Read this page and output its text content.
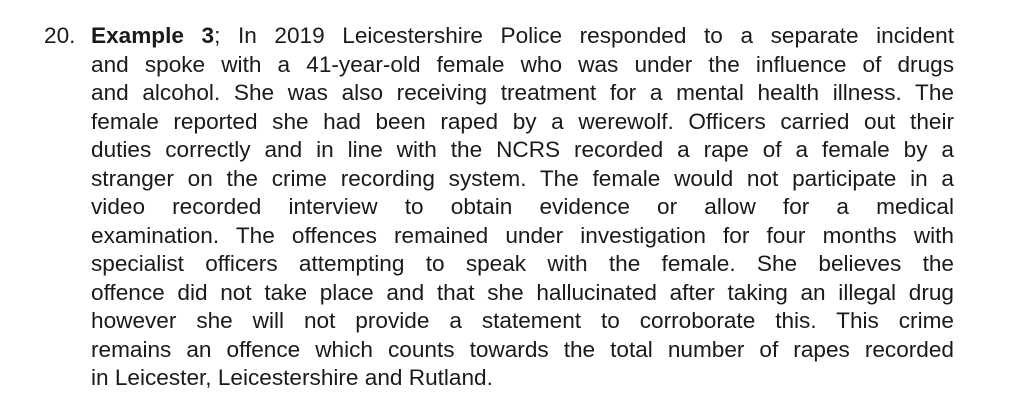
20. Example 3; In 2019 Leicestershire Police responded to a separate incident
and spoke with a 41-year-old female who was under the influence of drugs
and alcohol. She was also receiving treatment for a mental health illness. The
female reported she had been raped by a werewolf. Officers carried out their
duties correctly and in line with the NCRS recorded a rape of a female by a
stranger on the crime recording system. The female would not participate in a
video recorded interview to obtain evidence or allow for a medical
examination. The offences remained under investigation for four months with
specialist officers attempting to speak with the female. She believes the
offence did not take place and that she hallucinated after taking an illegal drug
however she will not provide a statement to corroborate this. This crime
remains an offence which counts towards the total number of rapes recorded
in Leicester, Leicestershire and Rutland.
